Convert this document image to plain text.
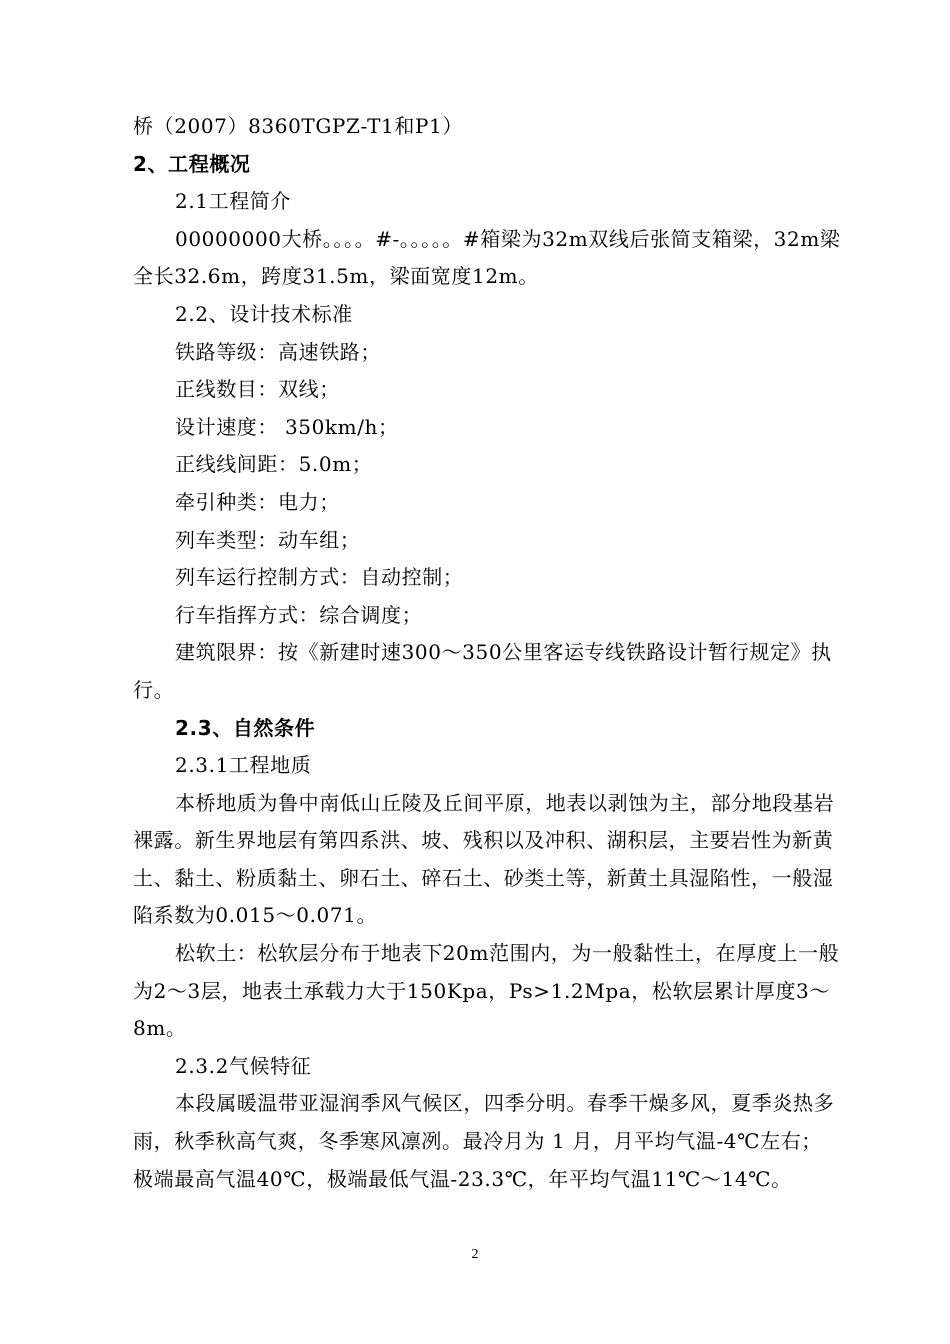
桥（2007）8360TGPZ-T1和P1）

2、工程概况

2.1工程简介

00000000大桥。。。。#-。。。。。#箱梁为32m双线后张简支箱梁，32m梁全长32.6m，跨度31.5m，梁面宽度12m。

2.2、设计技术标准

铁路等级：高速铁路；

正线数目：双线；

设计速度： 350km/h；

正线线间距：5.0m；

牵引种类：电力；

列车类型：动车组；

列车运行控制方式：自动控制；

行车指挥方式：综合调度；

建筑限界：按《新建时速300～350公里客运专线铁路设计暂行规定》执行。

2.3、自然条件

2.3.1工程地质

本桥地质为鲁中南低山丘陵及丘间平原，地表以剥蚀为主，部分地段基岩裸露。新生界地层有第四系洪、坡、残积以及冲积、湖积层，主要岩性为新黄土、黏土、粉质黏土、卵石土、碎石土、砂类土等，新黄土具湿陷性，一般湿陷系数为0.015～0.071。

松软土：松软层分布于地表下20m范围内，为一般黏性土，在厚度上一般为2～3层，地表土承载力大于150Kpa，Ps>1.2Mpa，松软层累计厚度3～8m。

2.3.2气候特征

本段属暖温带亚湿润季风气候区，四季分明。春季干燥多风，夏季炎热多雨，秋季秋高气爽，冬季寒风凛冽。最冷月为 1 月，月平均气温-4℃左右；极端最高气温40℃，极端最低气温-23.3℃，年平均气温11℃～14℃。

2
